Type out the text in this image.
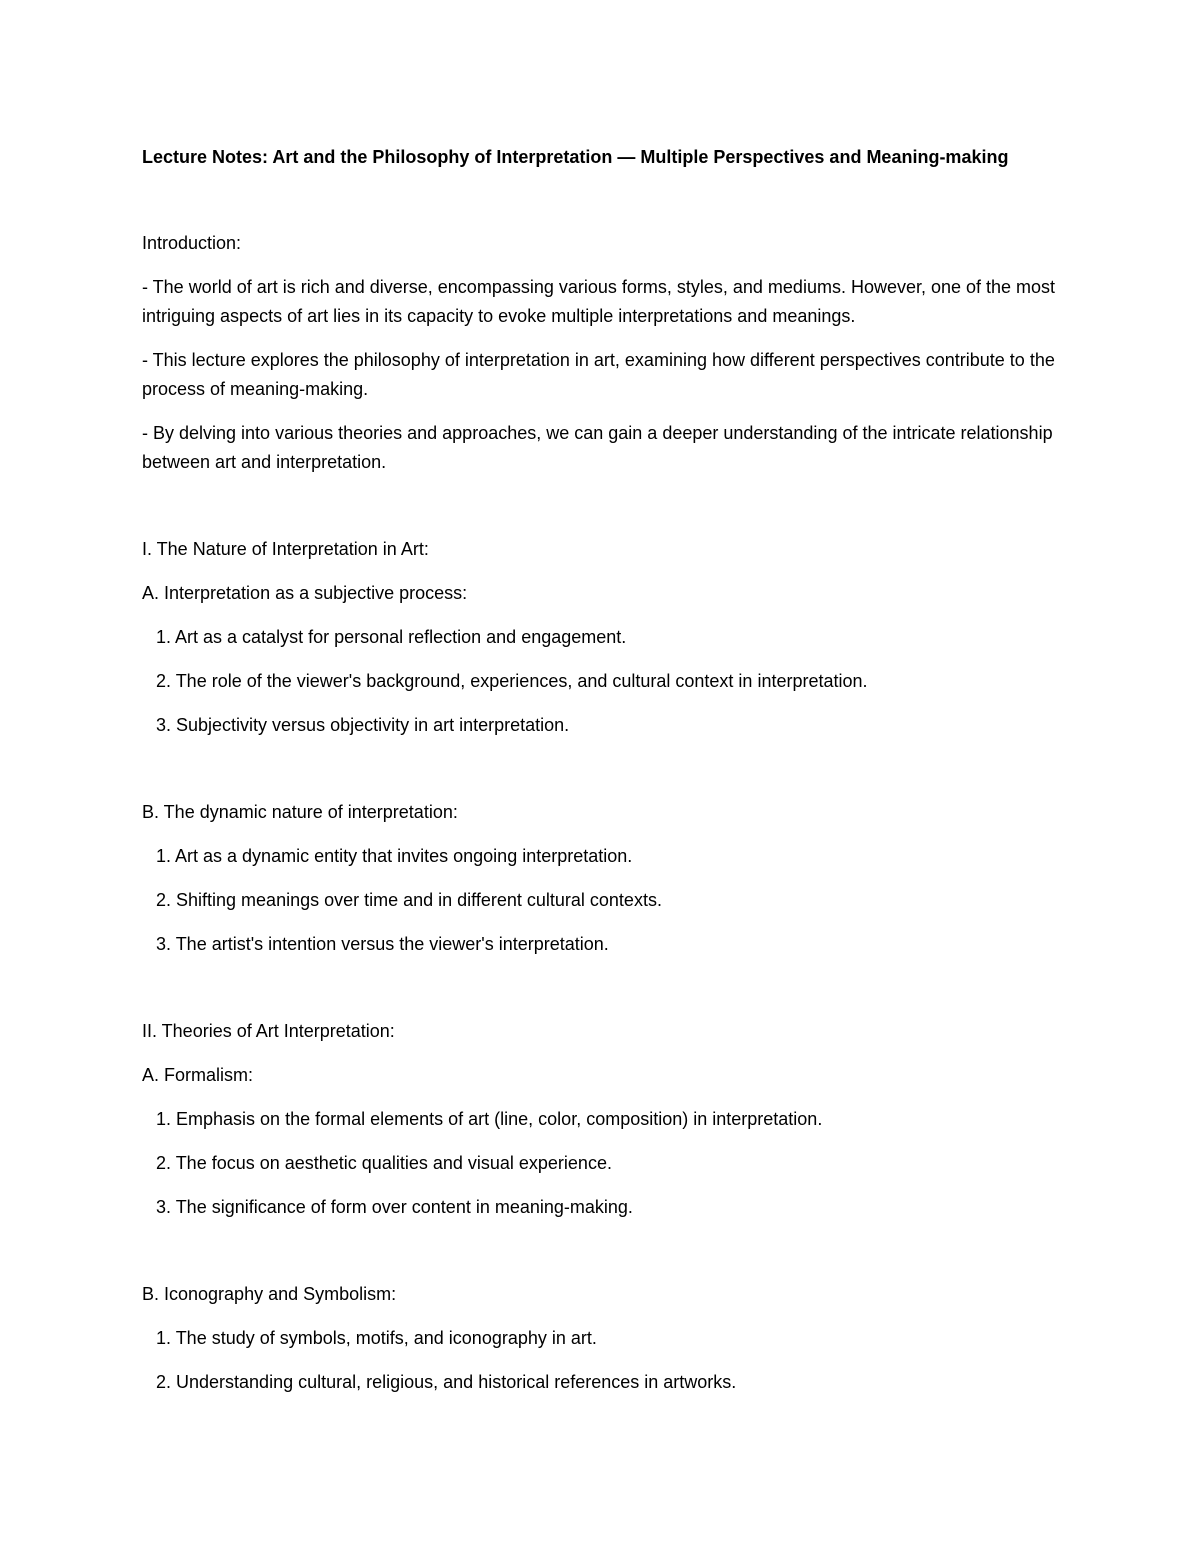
Lecture Notes: Art and the Philosophy of Interpretation — Multiple Perspectives and Meaning-making

Introduction:

- The world of art is rich and diverse, encompassing various forms, styles, and mediums. However, one of the most intriguing aspects of art lies in its capacity to evoke multiple interpretations and meanings.

- This lecture explores the philosophy of interpretation in art, examining how different perspectives contribute to the process of meaning-making.

- By delving into various theories and approaches, we can gain a deeper understanding of the intricate relationship between art and interpretation.

I. The Nature of Interpretation in Art:

A. Interpretation as a subjective process:

1. Art as a catalyst for personal reflection and engagement.

2. The role of the viewer's background, experiences, and cultural context in interpretation.

3. Subjectivity versus objectivity in art interpretation.

B. The dynamic nature of interpretation:

1. Art as a dynamic entity that invites ongoing interpretation.

2. Shifting meanings over time and in different cultural contexts.

3. The artist's intention versus the viewer's interpretation.

II. Theories of Art Interpretation:

A. Formalism:

1. Emphasis on the formal elements of art (line, color, composition) in interpretation.

2. The focus on aesthetic qualities and visual experience.

3. The significance of form over content in meaning-making.

B. Iconography and Symbolism:

1. The study of symbols, motifs, and iconography in art.

2. Understanding cultural, religious, and historical references in artworks.
